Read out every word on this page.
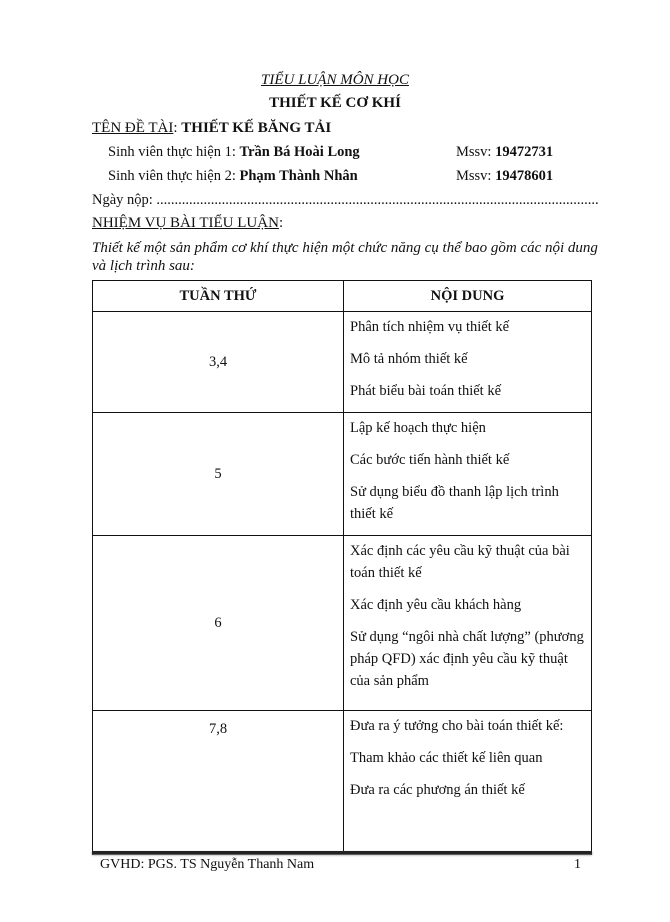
TIỂU LUẬN MÔN HỌC
THIẾT KẾ CƠ KHÍ
TÊN ĐỀ TÀI: THIẾT KẾ BĂNG TẢI
Sinh viên thực hiện 1: Trần Bá Hoài Long	Mssv: 19472731
Sinh viên thực hiện 2: Phạm Thành Nhân	Mssv: 19478601
Ngày nộp: ..........................................................................................................................
NHIỆM VỤ BÀI TIỂU LUẬN:
Thiết kế một sản phẩm cơ khí thực hiện một chức năng cụ thể bao gồm các nội dung và lịch trình sau:
TUẦN THỨ	NỘI DUNG
3,4	Phân tích nhiệm vụ thiết kế

Mô tả nhóm thiết kế

Phát biểu bài toán thiết kế

5	Lập kế hoạch thực hiện

Các bước tiến hành thiết kế

Sử dụng biểu đồ thanh lập lịch trình thiết kế

6	Xác định các yêu cầu kỹ thuật của bài toán thiết kế

Xác định yêu cầu khách hàng

Sử dụng “ngôi nhà chất lượng” (phương pháp QFD) xác định yêu cầu kỹ thuật của sản phẩm

7,8	Đưa ra ý tưởng cho bài toán thiết kế:

Tham khảo các thiết kế liên quan

Đưa ra các phương án thiết kế

GVHD: PGS. TS Nguyễn Thanh Nam	1
